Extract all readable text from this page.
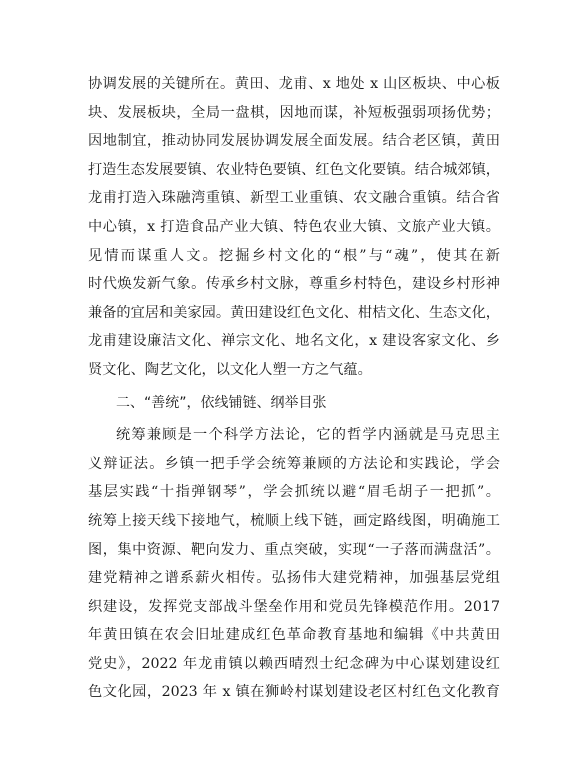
协调发展的关键所在。黄田、龙甫、x 地处 x 山区板块、中心板
块、发展板块，全局一盘棋，因地而谋，补短板强弱项扬优势；
因地制宜，推动协同发展协调发展全面发展。结合老区镇，黄田
打造生态发展要镇、农业特色要镇、红色文化要镇。结合城郊镇，
龙甫打造入珠融湾重镇、新型工业重镇、农文融合重镇。结合省
中心镇，x 打造食品产业大镇、特色农业大镇、文旅产业大镇。
见情而谋重人文。挖掘乡村文化的“根”与“魂”，使其在新
时代焕发新气象。传承乡村文脉，尊重乡村特色，建设乡村形神
兼备的宜居和美家园。黄田建设红色文化、柑桔文化、生态文化，
龙甫建设廉洁文化、禅宗文化、地名文化，x 建设客家文化、乡
贤文化、陶艺文化，以文化人塑一方之气蕴。
二、“善统”，依线铺链、纲举目张
统筹兼顾是一个科学方法论，它的哲学内涵就是马克思主
义辩证法。乡镇一把手学会统筹兼顾的方法论和实践论，学会
基层实践“十指弹钢琴”，学会抓统以避“眉毛胡子一把抓”。
统筹上接天线下接地气，梳顺上线下链，画定路线图，明确施工
图，集中资源、靶向发力、重点突破，实现“一子落而满盘活”。
建党精神之谱系薪火相传。弘扬伟大建党精神，加强基层党组
织建设，发挥党支部战斗堡垒作用和党员先锋模范作用。2017
年黄田镇在农会旧址建成红色革命教育基地和编辑《中共黄田
党史》，2022 年龙甫镇以赖西晴烈士纪念碑为中心谋划建设红
色文化园，2023 年 x 镇在狮岭村谋划建设老区村红色文化教育
